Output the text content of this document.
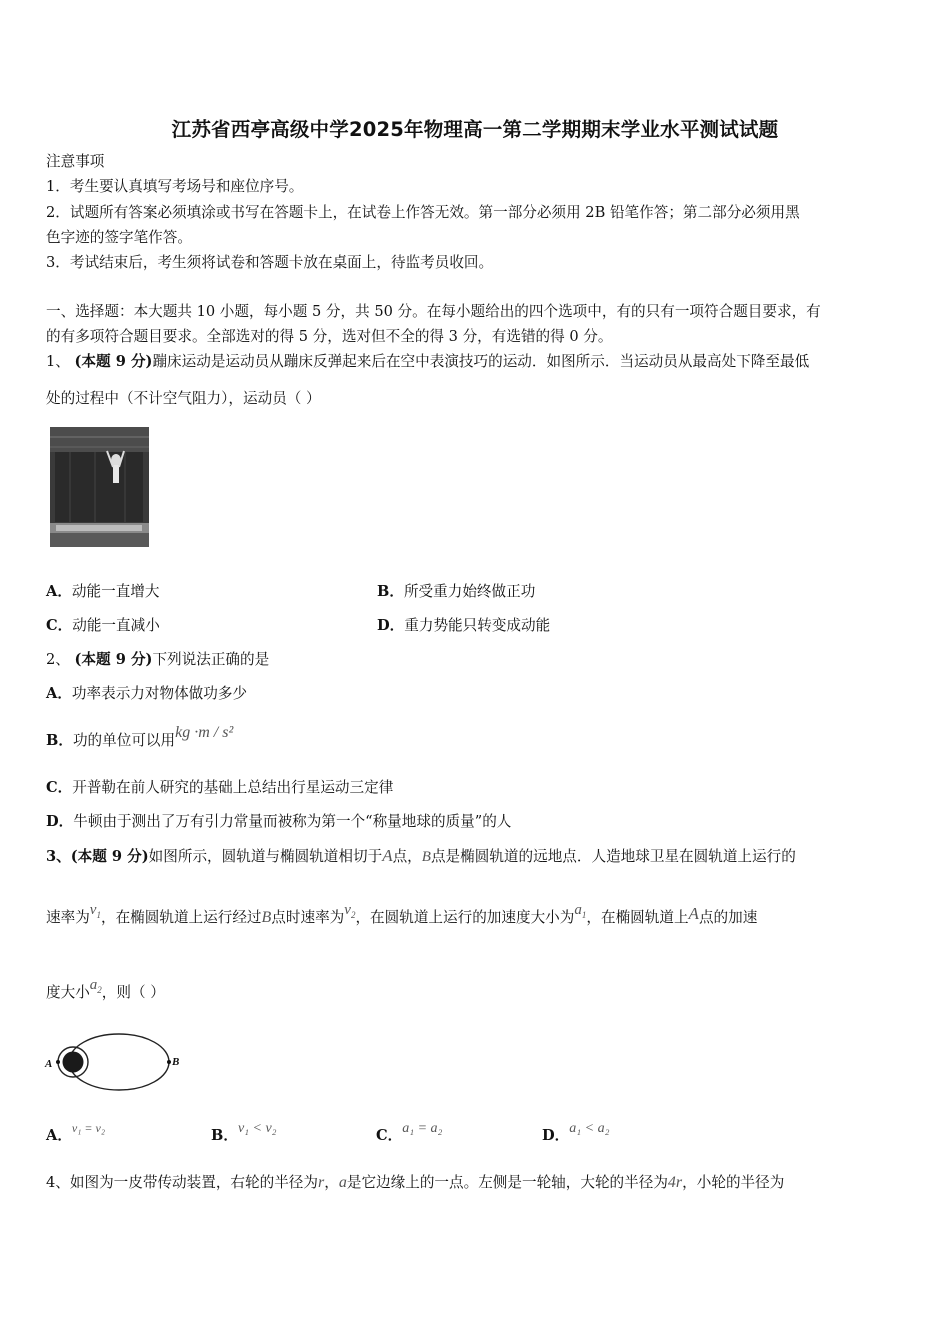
江苏省西亭高级中学2025年物理高一第二学期期末学业水平测试试题
注意事项
1．考生要认真填写考场号和座位序号。
2．试题所有答案必须填涂或书写在答题卡上，在试卷上作答无效。第一部分必须用 2B 铅笔作答；第二部分必须用黑
色字迹的签字笔作答。
3．考试结束后，考生须将试卷和答题卡放在桌面上，待监考员收回。
一、选择题：本大题共 10 小题，每小题 5 分，共 50 分。在每小题给出的四个选项中，有的只有一项符合题目要求，有
的有多项符合题目要求。全部选对的得 5 分，选对但不全的得 3 分，有选错的得 0 分。
1、 (本题 9 分)蹦床运动是运动员从蹦床反弹起来后在空中表演技巧的运动．如图所示．当运动员从最高处下降至最低
处的过程中（不计空气阻力），运动员（ ）
A．动能一直增大	B．所受重力始终做正功
C．动能一直减小	D．重力势能只转变成动能
2、 (本题 9 分)下列说法正确的是
A．功率表示力对物体做功多少
B．功的单位可以用kg ·m / s²
C．开普勒在前人研究的基础上总结出行星运动三定律
D．牛顿由于测出了万有引力常量而被称为第一个“称量地球的质量”的人
3、(本题 9 分)如图所示，圆轨道与椭圆轨道相切于A点，B点是椭圆轨道的远地点．人造地球卫星在圆轨道上运行的
速率为$v_1$，在椭圆轨道上运行经过B点时速率为$v_2$，在圆轨道上运行的加速度大小为$a_1$，在椭圆轨道上A点的加速
度大小$a_2$，则（ ）
A	B
A．$^{v_1 = v_2}$	B．v₁ < v₂	C．a₁ = a₂	D．a₁ < a₂
4、如图为一皮带传动装置，右轮的半径为r，a是它边缘上的一点。左侧是一轮轴，大轮的半径为4r，小轮的半径为
